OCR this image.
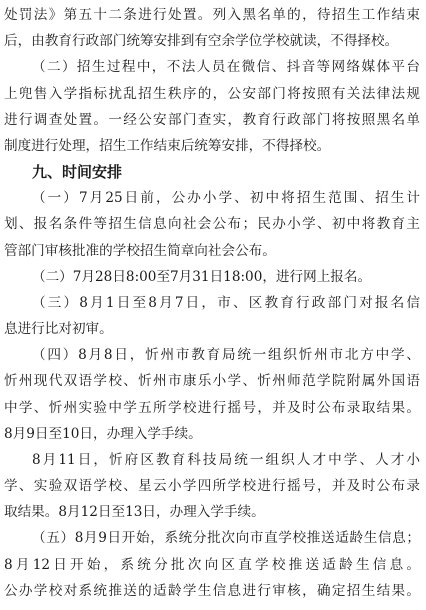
处罚法》第五十二条进行处置。列入黑名单的，待招生工作结束
后，由教育行政部门统筹安排到有空余学位学校就读，不得择校。
（二）招生过程中，不法人员在微信、抖音等网络媒体平台
上兜售入学指标扰乱招生秩序的，公安部门将按照有关法律法规
进行调查处置。一经公安部门查实，教育行政部门将按照黑名单
制度进行处理，招生工作结束后统筹安排，不得择校。
九、时间安排
（一）7月25日前，公办小学、初中将招生范围、招生计
划、报名条件等招生信息向社会公布；民办小学、初中将教育主
管部门审核批准的学校招生简章向社会公布。
（二）7月28日8:00至7月31日18:00，进行网上报名。
（三）8月1日至8月7日，市、区教育行政部门对报名信
息进行比对初审。
（四）8月8日，忻州市教育局统一组织忻州市北方中学、
忻州现代双语学校、忻州市康乐小学、忻州师范学院附属外国语
中学、忻州实验中学五所学校进行摇号，并及时公布录取结果。
8月9日至10日，办理入学手续。
8月11日，忻府区教育科技局统一组织人才中学、人才小
学、实验双语学校、星云小学四所学校进行摇号，并及时公布录
取结果。8月12日至13日，办理入学手续。
（五）8月9日开始，系统分批次向市直学校推送适龄生信息；
8月12日开始，系统分批次向区直学校推送适龄生信息。
公办学校对系统推送的适龄学生信息进行审核，确定招生结果。
